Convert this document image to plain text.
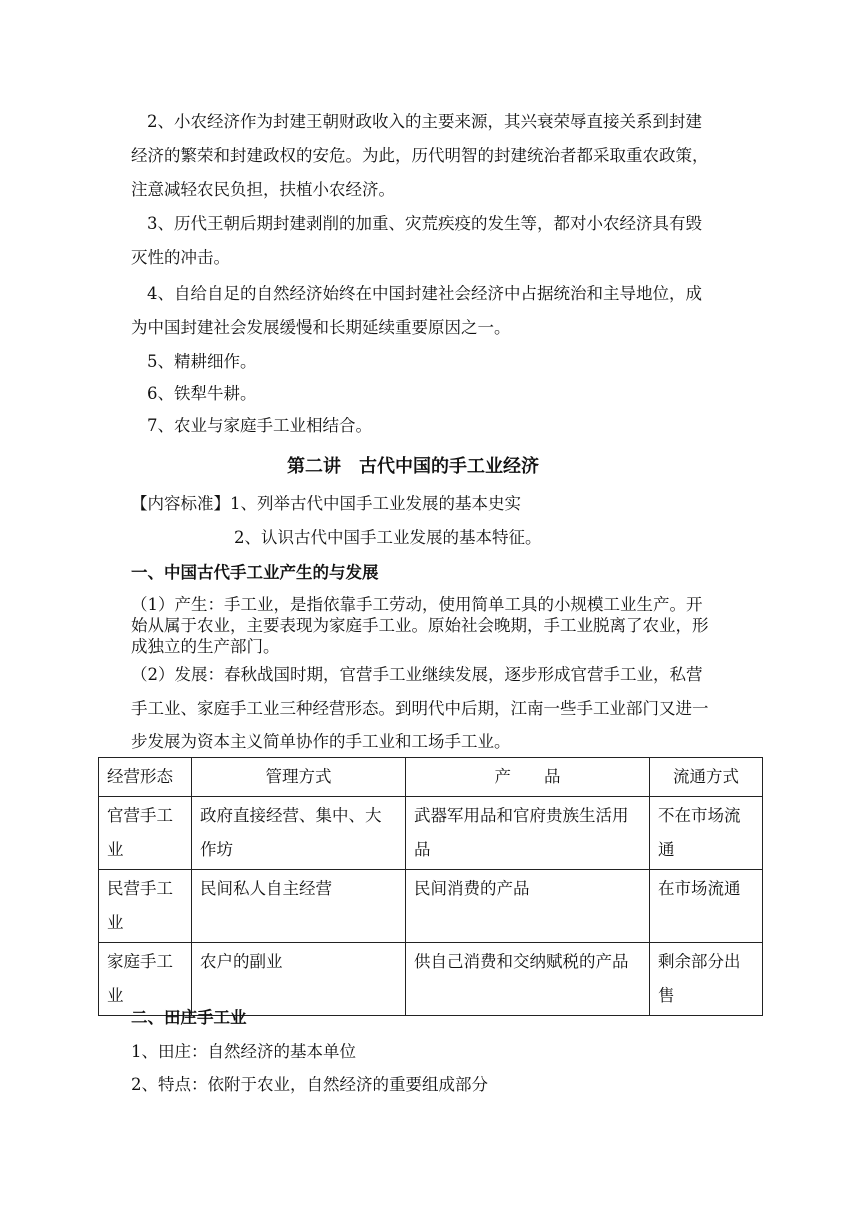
2、小农经济作为封建王朝财政收入的主要来源，其兴衰荣辱直接关系到封建
经济的繁荣和封建政权的安危。为此，历代明智的封建统治者都采取重农政策，
注意减轻农民负担，扶植小农经济。
3、历代王朝后期封建剥削的加重、灾荒疾疫的发生等，都对小农经济具有毁
灭性的冲击。
4、自给自足的自然经济始终在中国封建社会经济中占据统治和主导地位，成
为中国封建社会发展缓慢和长期延续重要原因之一。
5、精耕细作。
6、铁犁牛耕。
7、农业与家庭手工业相结合。
第二讲　古代中国的手工业经济
【内容标准】1、列举古代中国手工业发展的基本史实
2、认识古代中国手工业发展的基本特征。
一、中国古代手工业产生的与发展
（1）产生：手工业，是指依靠手工劳动，使用简单工具的小规模工业生产。开
始从属于农业，主要表现为家庭手工业。原始社会晚期，手工业脱离了农业，形
成独立的生产部门。
（2）发展：春秋战国时期，官营手工业继续发展，逐步形成官营手工业，私营
手工业、家庭手工业三种经营形态。到明代中后期，江南一些手工业部门又进一
步发展为资本主义简单协作的手工业和工场手工业。
经营形态	管理方式	产　　品	流通方式
官营手工业	政府直接经营、集中、大作坊	武器军用品和官府贵族生活用品	不在市场流通
民营手工业	民间私人自主经营	民间消费的产品	在市场流通
家庭手工业	农户的副业	供自己消费和交纳赋税的产品	剩余部分出售
二、田庄手工业
1、田庄：自然经济的基本单位
2、特点：依附于农业，自然经济的重要组成部分
